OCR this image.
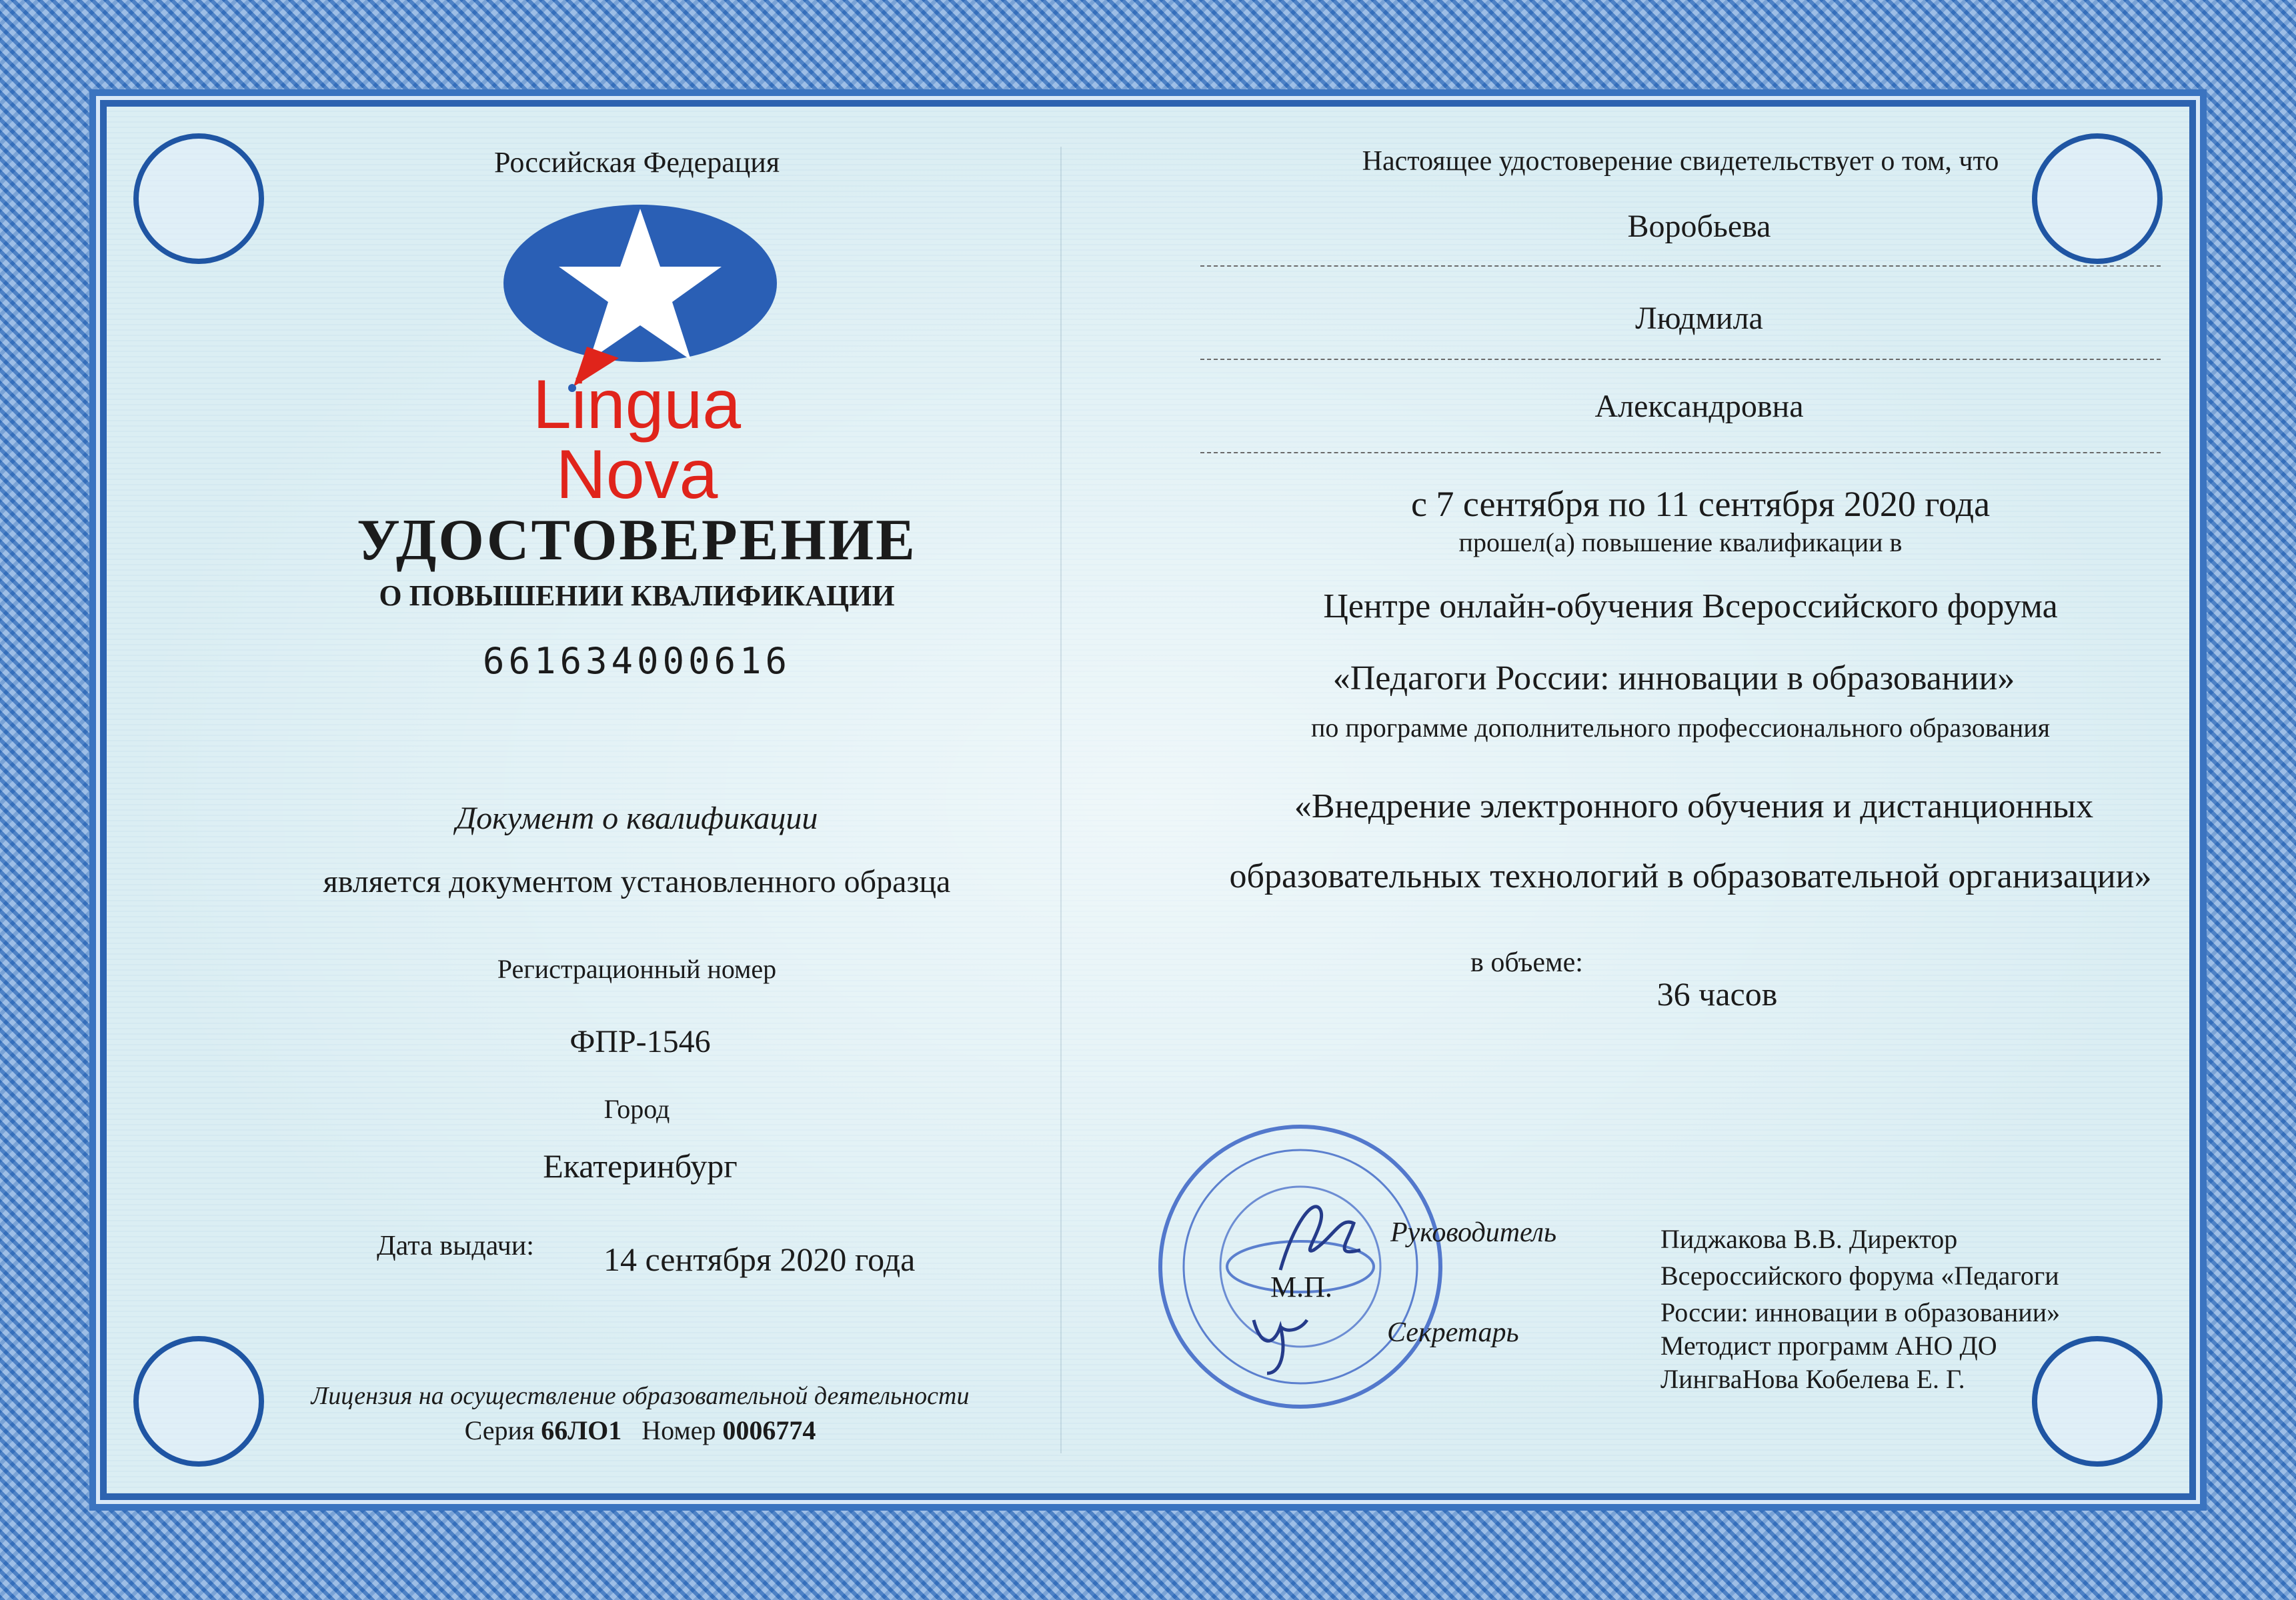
Российская Федерация
Lingua
Nova
УДОСТОВЕРЕНИЕ
О ПОВЫШЕНИИ КВАЛИФИКАЦИИ
661634000616
Документ о квалификации
является документом установленного образца
Регистрационный номер
ФПР-1546
Город
Екатеринбург
Дата выдачи: 14 сентября 2020 года
Лицензия на осуществление образовательной деятельности
Серия 66ЛО1 Номер 0006774
Настоящее удостоверение свидетельствует о том, что
Воробьева
Людмила
Александровна
с 7 сентября по 11 сентября 2020 года
прошел(а) повышение квалификации в
Центре онлайн-обучения Всероссийского форума
«Педагоги России: инновации в образовании»
по программе дополнительного профессионального образования
«Внедрение электронного обучения и дистанционных
образовательных технологий в образовательной организации»
в объеме:
36 часов
М.П.
Руководитель
Секретарь
Пиджакова В.В. Директор
Всероссийского форума «Педагоги
России: инновации в образовании»
Методист программ АНО ДО
ЛингваНова Кобелева Е. Г.
